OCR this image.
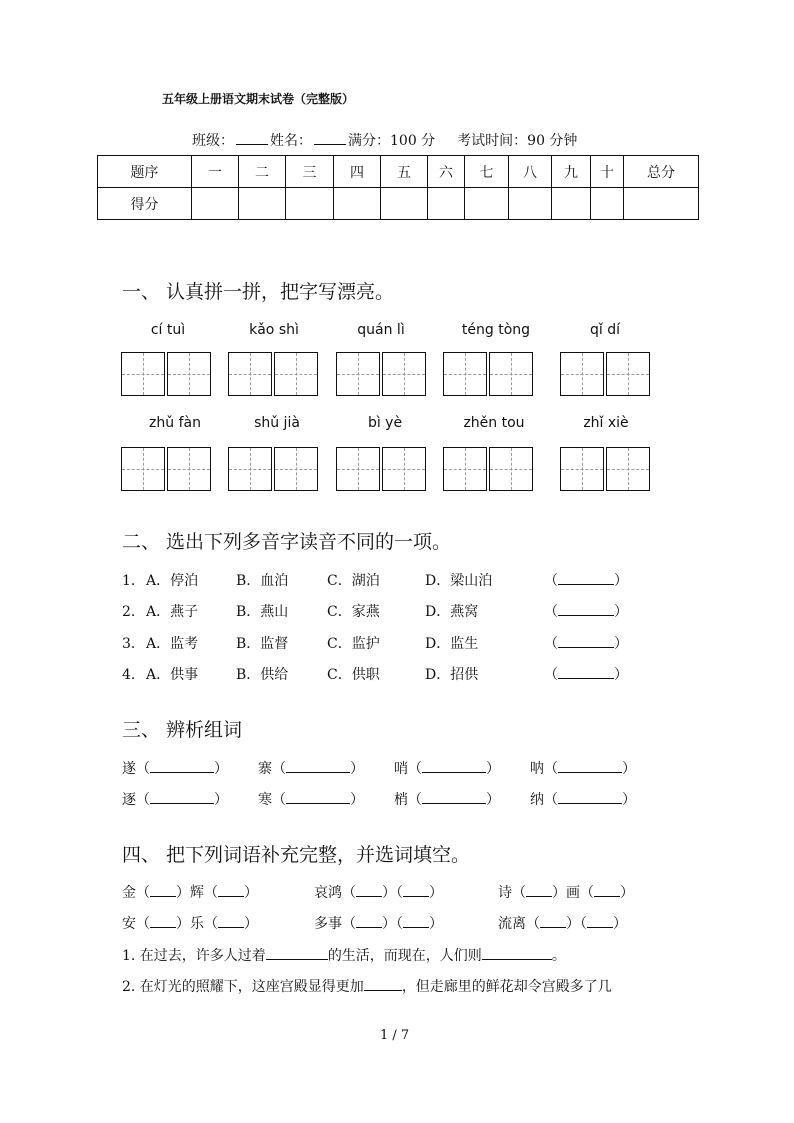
五年级上册语文期末试卷（完整版）
班级：	姓名：	满分：100 分 考试时间：90 分钟
题序	一	二	三	四	五	六	七	八	九	十	总分
得分											
一、 认真拼一拼，把字写漂亮。
cí tuì	kǎo shì	quán lì	téng tòng	qǐ dí
zhǔ fàn	shǔ jià	bì yè	zhěn tou	zhǐ xiè
二、 选出下列多音字读音不同的一项。
1． A．停泊	B．血泊	C．湖泊	D．梁山泊	（	）
2． A．燕子	B．燕山	C．家燕	D．燕窝	（	）
3． A．监考	B．监督	C．监护	D．监生	（	）
4． A．供事	B．供给	C．供职	D．招供	（	）
三、 辨析组词
遂（	） 寨（	） 哨（	） 呐（	）
逐（	） 寒（	） 梢（	） 纳（	）
四、 把下列词语补充完整，并选词填空。
金（ ）辉（ ）	哀鸿（ ）（ ）	诗（ ）画（ ）
安（ ）乐（ ）	多事（ ）（ ）	流离（ ）（ ）
1. 在过去，许多人过着	的生活，而现在，人们则	。
2. 在灯光的照耀下，这座宫殿显得更加	，但走廊里的鲜花却令宫殿多了几
1 / 7
